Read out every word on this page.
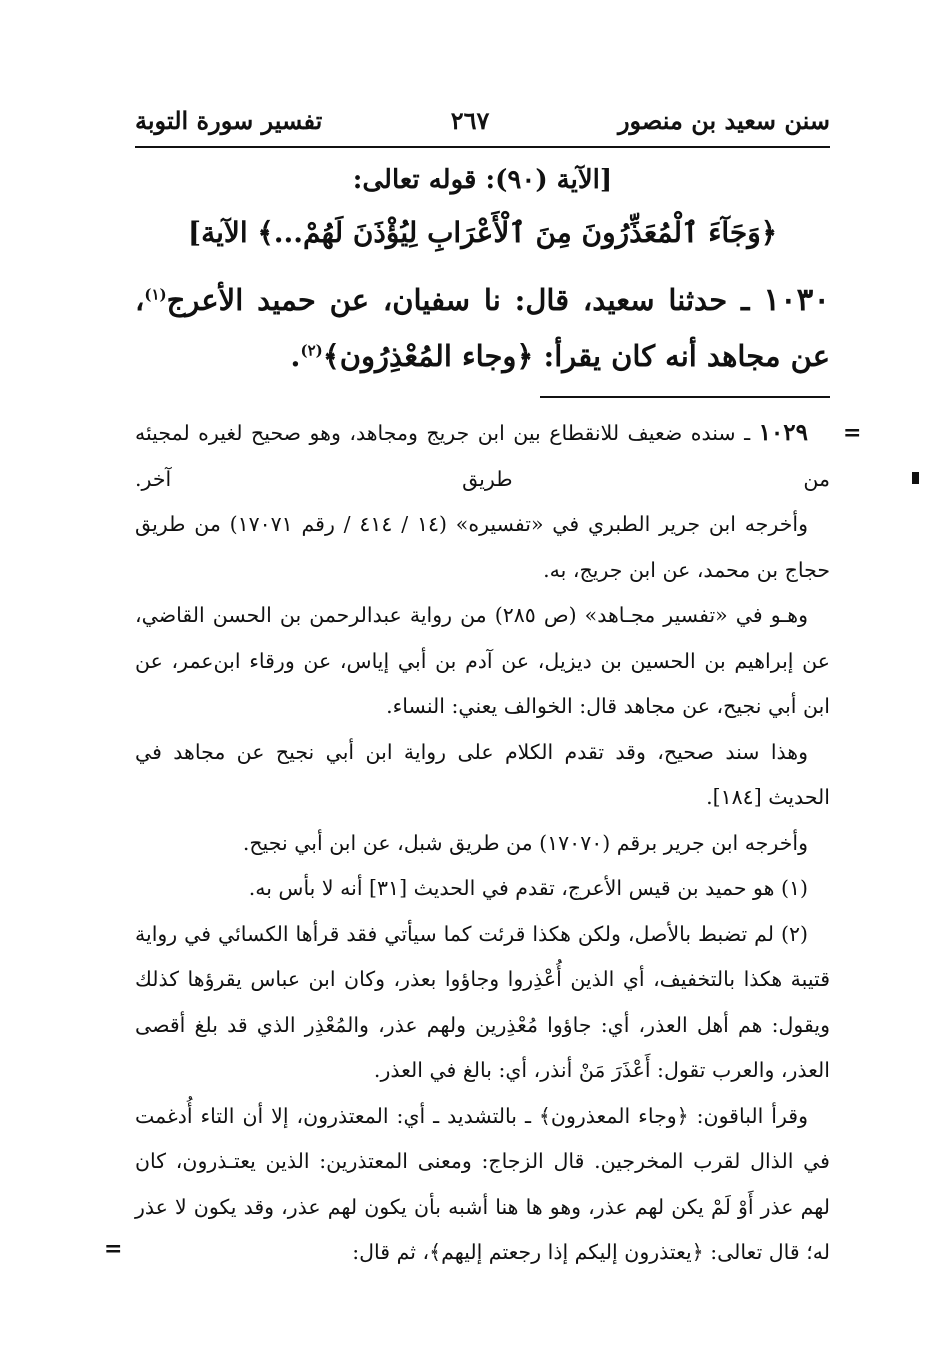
تفسير سورة التوبة	٢٦٧	سنن سعيد بن منصور
[الآية (٩٠): قوله تعالى:
﴿وَجَآءَ ٱلْمُعَذِّرُونَ مِنَ ٱلْأَعْرَابِ لِيُؤْذَنَ لَهُمْ...﴾ الآية]
١٠٣٠ ـ حدثنا سعيد، قال: نا سفيان، عن حميد الأعرج$^{(١)}$، عن مجاهد أنه كان يقرأ: ﴿وجاء المُعْذِرُون﴾$^{(٢)}$.

١٠٢٩ ـ سنده ضعيف للانقطاع بين ابن جريج ومجاهد، وهو صحيح لغيره لمجيئه من طريق آخر.

وأخرجه ابن جرير الطبري في «تفسيره» (١٤ / ٤١٤ / رقم ١٧٠٧١) من طريق حجاج بن محمد، عن ابن جريج، به.

وهـو في «تفسير مجـاهد» (ص ٢٨٥) من رواية عبدالرحمن بن الحسن القاضي، عن إبراهيم بن الحسين بن ديزيل، عن آدم بن أبي إياس، عن ورقاء ابن‌عمر، عن ابن أبي نجيح، عن مجاهد قال: الخوالف يعني: النساء.

وهذا سند صحيح، وقد تقدم الكلام على رواية ابن أبي نجيح عن مجاهد في الحديث [١٨٤].

وأخرجه ابن جرير برقم (١٧٠٧٠) من طريق شبل، عن ابن أبي نجيح.

(١) هو حميد بن قيس الأعرج، تقدم في الحديث [٣١] أنه لا بأس به.

(٢) لم تضبط بالأصل، ولكن هكذا قرئت كما سيأتي فقد قرأها الكسائي في رواية قتيبة هكذا بالتخفيف، أي الذين أُعْذِروا وجاؤوا بعذر، وكان ابن عباس يقرؤها كذلك ويقول: هم أهل العذر، أي: جاؤوا مُعْذِرين ولهم عذر، والمُعْذِر الذي قد بلغ أقصى العذر، والعرب تقول: أَعْذَرَ مَنْ أنذر، أي: بالغ في العذر.

وقرأ الباقون: ﴿وجاء المعذرون﴾ ـ بالتشديد ـ أي: المعتذرون، إلا أن التاء أُدغمت في الذال لقرب المخرجين. قال الزجاج: ومعنى المعتذرين: الذين يعتـذرون، كان لهم عذر أَوْ لَمْ يكن لهم عذر، وهو ها هنا أشبه بأن يكون لهم عذر، وقد يكون لا عذر له؛ قال تعالى: ﴿يعتذرون إليكم إذا رجعتم إليهم﴾، ثم قال:

=
=
